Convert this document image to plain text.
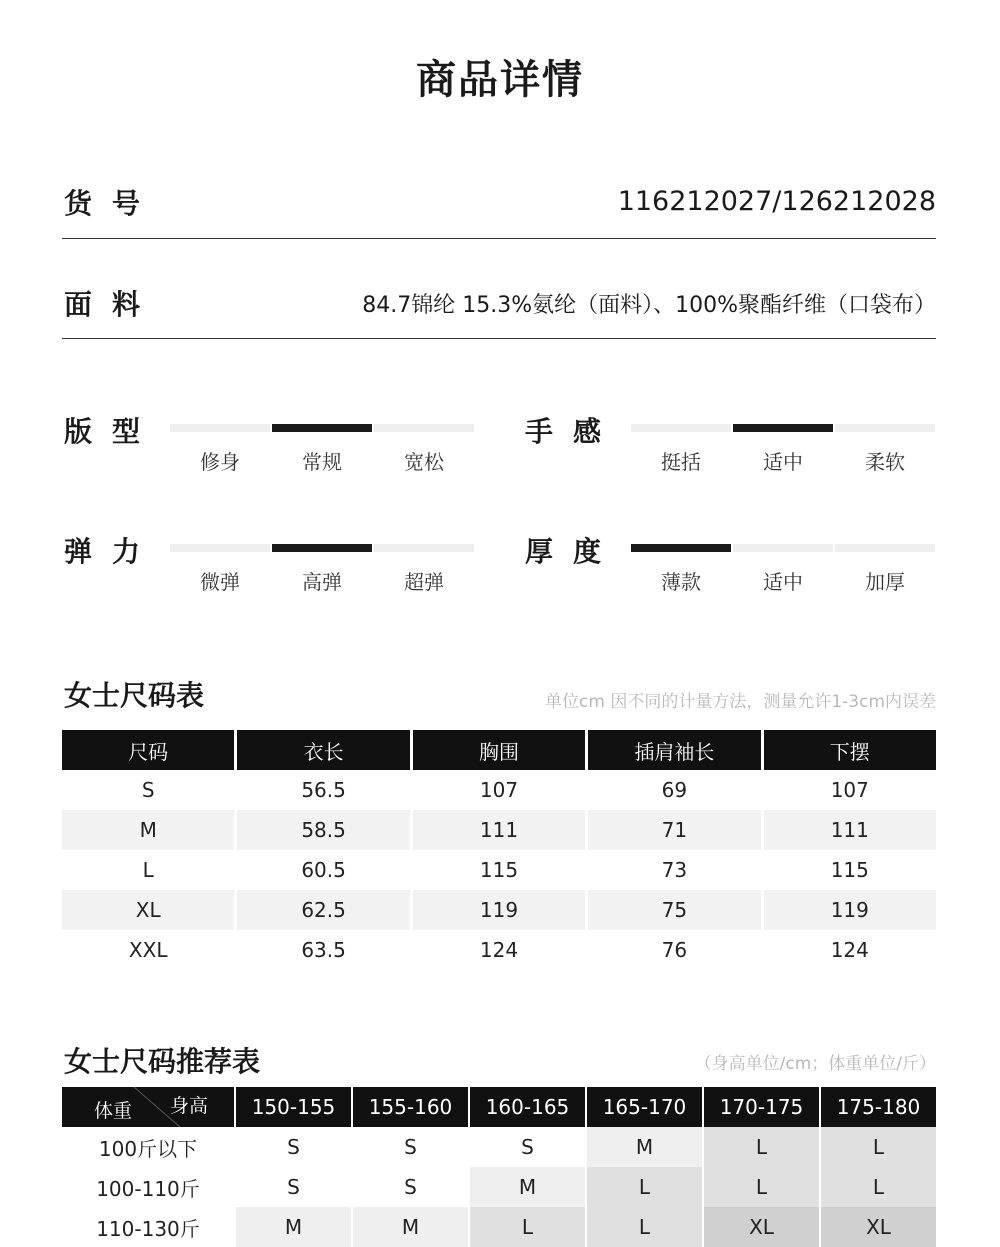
商品详情
货号	116212027/126212028
面料	84.7锦纶 15.3%氨纶（面料）、100%聚酯纤维（口袋布）
版型
修身	常规	宽松
手感
挺括	适中	柔软
弹力
微弹	高弹	超弹
厚度
薄款	适中	加厚
女士尺码表	单位cm 因不同的计量方法，测量允许1-3cm内误差
尺码	衣长	胸围	插肩袖长	下摆
S	56.5	107	69	107
M	58.5	111	71	111
L	60.5	115	73	115
XL	62.5	119	75	119
XXL	63.5	124	76	124
女士尺码推荐表	（身高单位/cm；体重单位/斤）
体重 身高	150-155	155-160	160-165	165-170	170-175	175-180
100斤以下	S	S	S	M	L	L
100-110斤	S	S	M	L	L	L
110-130斤	M	M	L	L	XL	XL
